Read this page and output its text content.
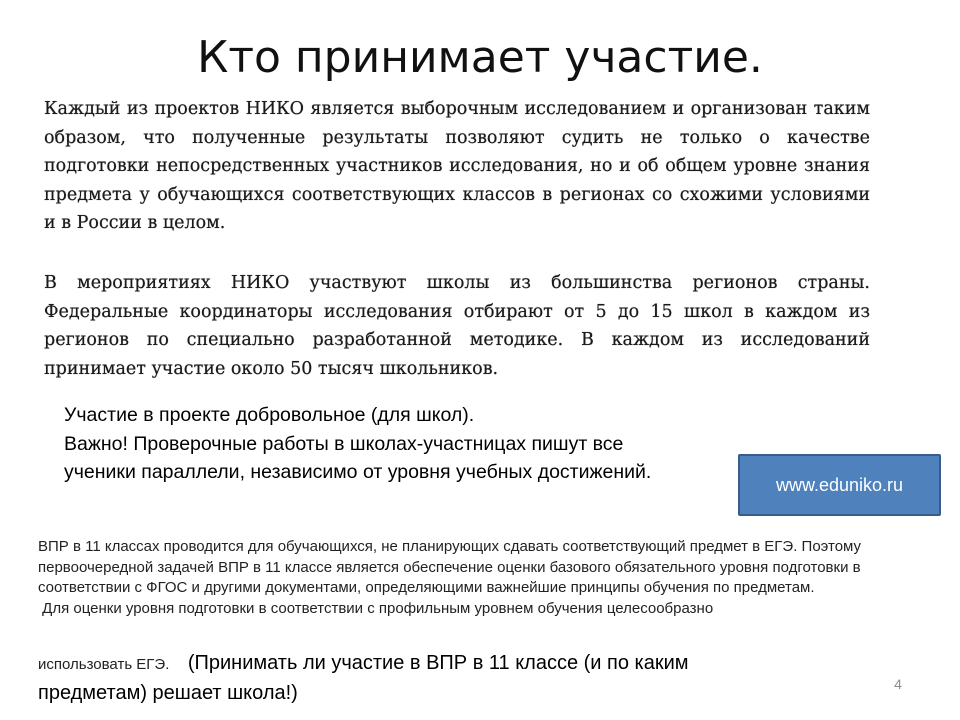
Кто принимает участие.

Каждый из проектов НИКО является выборочным исследованием и организован таким образом, что полученные результаты позволяют судить не только о качестве подготовки непосредственных участников исследования, но и об общем уровне знания предмета у обучающихся соответствующих классов в регионах со схожими условиями и в России в целом.

В мероприятиях НИКО участвуют школы из большинства регионов страны. Федеральные координаторы исследования отбирают от 5 до 15 школ в каждом из регионов по специально разработанной методике. В каждом из исследований принимает участие около 50 тысяч школьников.

Участие в проекте добровольное (для школ).

Важно! Проверочные работы в школах-участницах пишут все ученики параллели, независимо от уровня учебных достижений.

www.eduniko.ru

ВПР в 11 классах проводится для обучающихся, не планирующих сдавать соответствующий предмет в ЕГЭ. Поэтому первоочередной задачей ВПР в 11 классе является обеспечение оценки базового обязательного уровня подготовки в соответствии с ФГОС и другими документами, определяющими важнейшие принципы обучения по предметам.

Для оценки уровня подготовки в соответствии с профильным уровнем обучения целесообразно

использовать ЕГЭ. (Принимать ли участие в ВПР в 11 классе (и по каким
предметам) решает школа!)	4
